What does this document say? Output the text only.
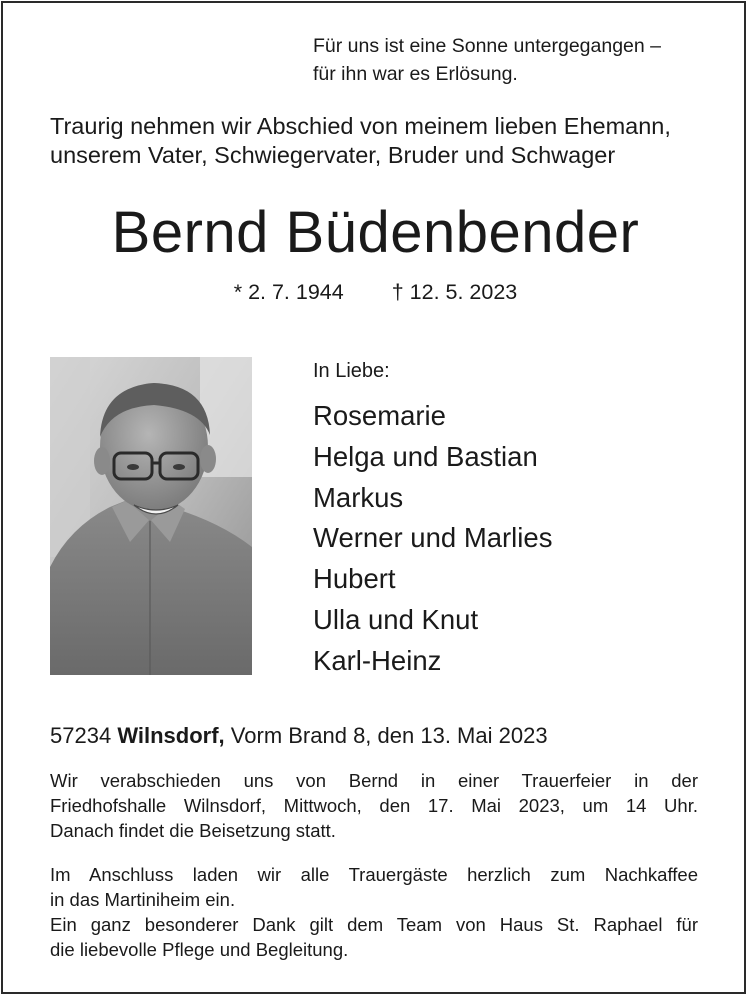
Für uns ist eine Sonne untergegangen –
für ihn war es Erlösung.
Traurig nehmen wir Abschied von meinem lieben Ehemann,
unserem Vater, Schwiegervater, Bruder und Schwager
Bernd Büdenbender
* 2. 7. 1944 † 12. 5. 2023
In Liebe:
Rosemarie
Helga und Bastian
Markus
Werner und Marlies
Hubert
Ulla und Knut
Karl-Heinz
57234 Wilnsdorf, Vorm Brand 8, den 13. Mai 2023
Wir verabschieden uns von Bernd in einer Trauerfeier in der
Friedhofshalle Wilnsdorf, Mittwoch, den 17. Mai 2023, um 14 Uhr.
Danach findet die Beisetzung statt.
Im Anschluss laden wir alle Trauergäste herzlich zum Nachkaffee
in das Martiniheim ein.
Ein ganz besonderer Dank gilt dem Team von Haus St. Raphael für
die liebevolle Pflege und Begleitung.
